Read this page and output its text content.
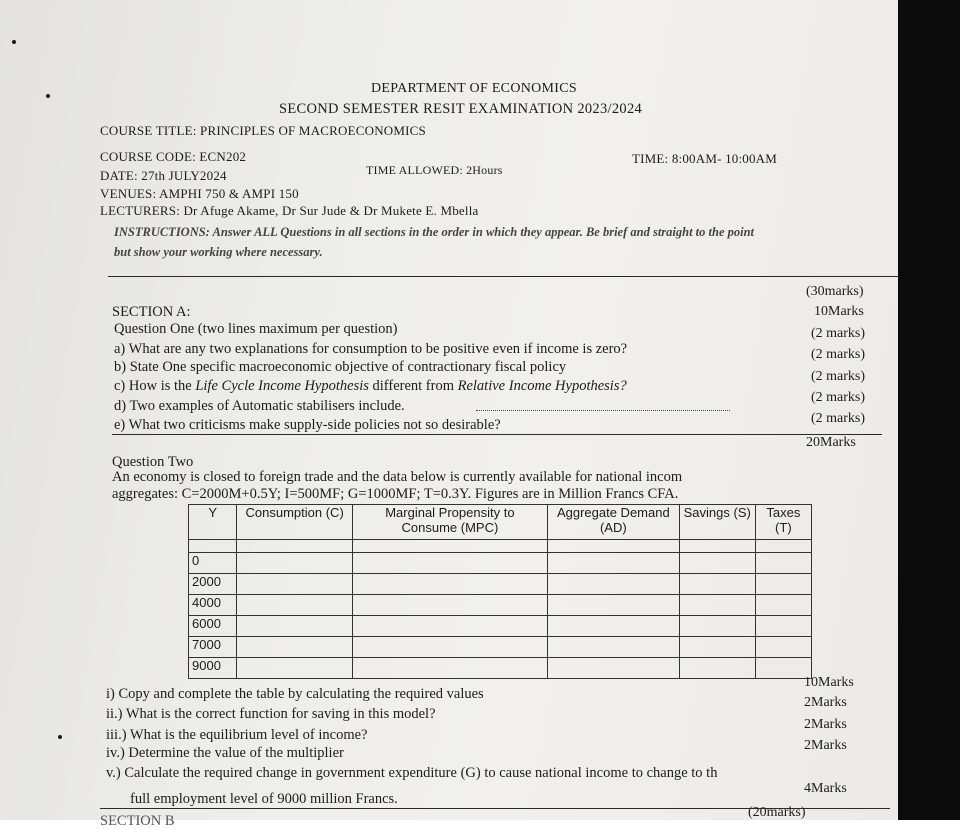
DEPARTMENT OF ECONOMICS
SECOND SEMESTER RESIT EXAMINATION 2023/2024
COURSE TITLE: PRINCIPLES OF MACROECONOMICS
COURSE CODE: ECN202
DATE: 27th JULY2024	TIME ALLOWED: 2Hours
TIME: 8:00AM- 10:00AM
VENUES: AMPHI 750 & AMPI 150
LECTURERS: Dr Afuge Akame, Dr Sur Jude & Dr Mukete E. Mbella
INSTRUCTIONS: Answer ALL Questions in all sections in the order in which they appear. Be brief and straight to the point
but show your working where necessary.
SECTION A:
(30marks)
10Marks
Question One (two lines maximum per question)
a) What are any two explanations for consumption to be positive even if income is zero?
(2 marks)
b) State One specific macroeconomic objective of contractionary fiscal policy
(2 marks)
c) How is the Life Cycle Income Hypothesis different from Relative Income Hypothesis?
(2 marks)
d) Two examples of Automatic stabilisers include.
(2 marks)
e) What two criticisms make supply-side policies not so desirable?	(2 marks)
Question Two
20Marks
An economy is closed to foreign trade and the data below is currently available for national incom
aggregates: C=2000M+0.5Y; I=500MF; G=1000MF; T=0.3Y. Figures are in Million Francs CFA.
Y	Consumption (C)	Marginal Propensity to Consume (MPC)	Aggregate Demand (AD)	Savings (S)	Taxes (T)

0					
2000					
4000					
6000					
7000					
9000					
i) Copy and complete the table by calculating the required values
10Marks
ii.) What is the correct function for saving in this model?
2Marks
iii.) What is the equilibrium level of income?
2Marks
iv.) Determine the value of the multiplier	2Marks
v.) Calculate the required change in government expenditure (G) to cause national income to change to th
full employment level of 9000 million Francs.
4Marks
(20marks)
SECTION B
